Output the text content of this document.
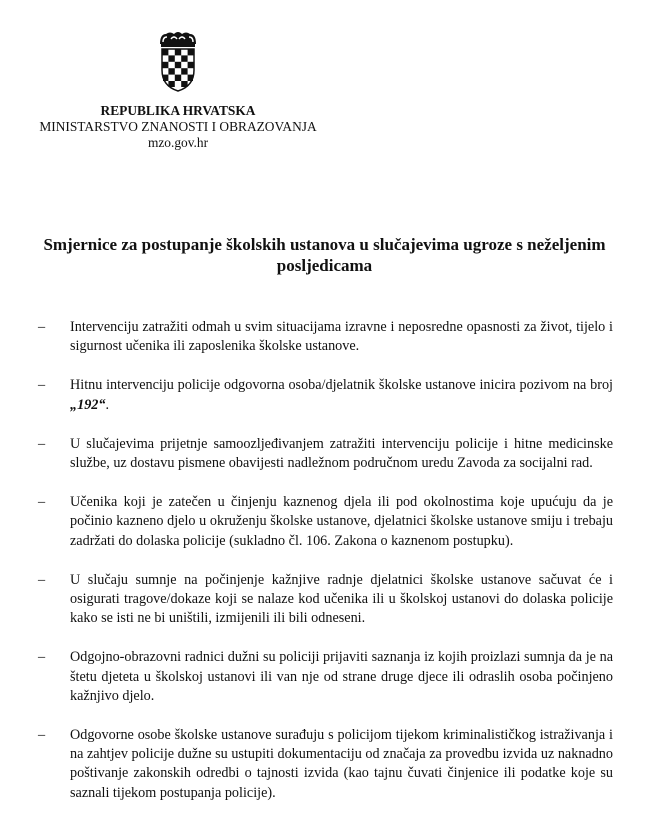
REPUBLIKA HRVATSKA
MINISTARSTVO ZNANOSTI I OBRAZOVANJA
mzo.gov.hr
Smjernice za postupanje školskih ustanova u slučajevima ugroze s neželjenim posljedicama
–	Intervenciju zatražiti odmah u svim situacijama izravne i neposredne opasnosti za život, tijelo i sigurnost učenika ili zaposlenika školske ustanove.
–	Hitnu intervenciju policije odgovorna osoba/djelatnik školske ustanove inicira pozivom na broj „192“.
–	U slučajevima prijetnje samoozljeđivanjem zatražiti intervenciju policije i hitne medicinske službe, uz dostavu pismene obavijesti nadležnom područnom uredu Zavoda za socijalni rad.
–	Učenika koji je zatečen u činjenju kaznenog djela ili pod okolnostima koje upućuju da je počinio kazneno djelo u okruženju školske ustanove, djelatnici školske ustanove smiju i trebaju zadržati do dolaska policije (sukladno čl. 106. Zakona o kaznenom postupku).
–	U slučaju sumnje na počinjenje kažnjive radnje djelatnici školske ustanove sačuvat će i osigurati tragove/dokaze koji se nalaze kod učenika ili u školskoj ustanovi do dolaska policije kako se isti ne bi uništili, izmijenili ili bili odneseni.
–	Odgojno-obrazovni radnici dužni su policiji prijaviti saznanja iz kojih proizlazi sumnja da je na štetu djeteta u školskoj ustanovi ili van nje od strane druge djece ili odraslih osoba počinjeno kažnjivo djelo.
–	Odgovorne osobe školske ustanove surađuju s policijom tijekom kriminalističkog istraživanja i na zahtjev policije dužne su ustupiti dokumentaciju od značaja za provedbu izvida uz naknadno poštivanje zakonskih odredbi o tajnosti izvida (kao tajnu čuvati činjenice ili podatke koje su saznali tijekom postupanja policije).
